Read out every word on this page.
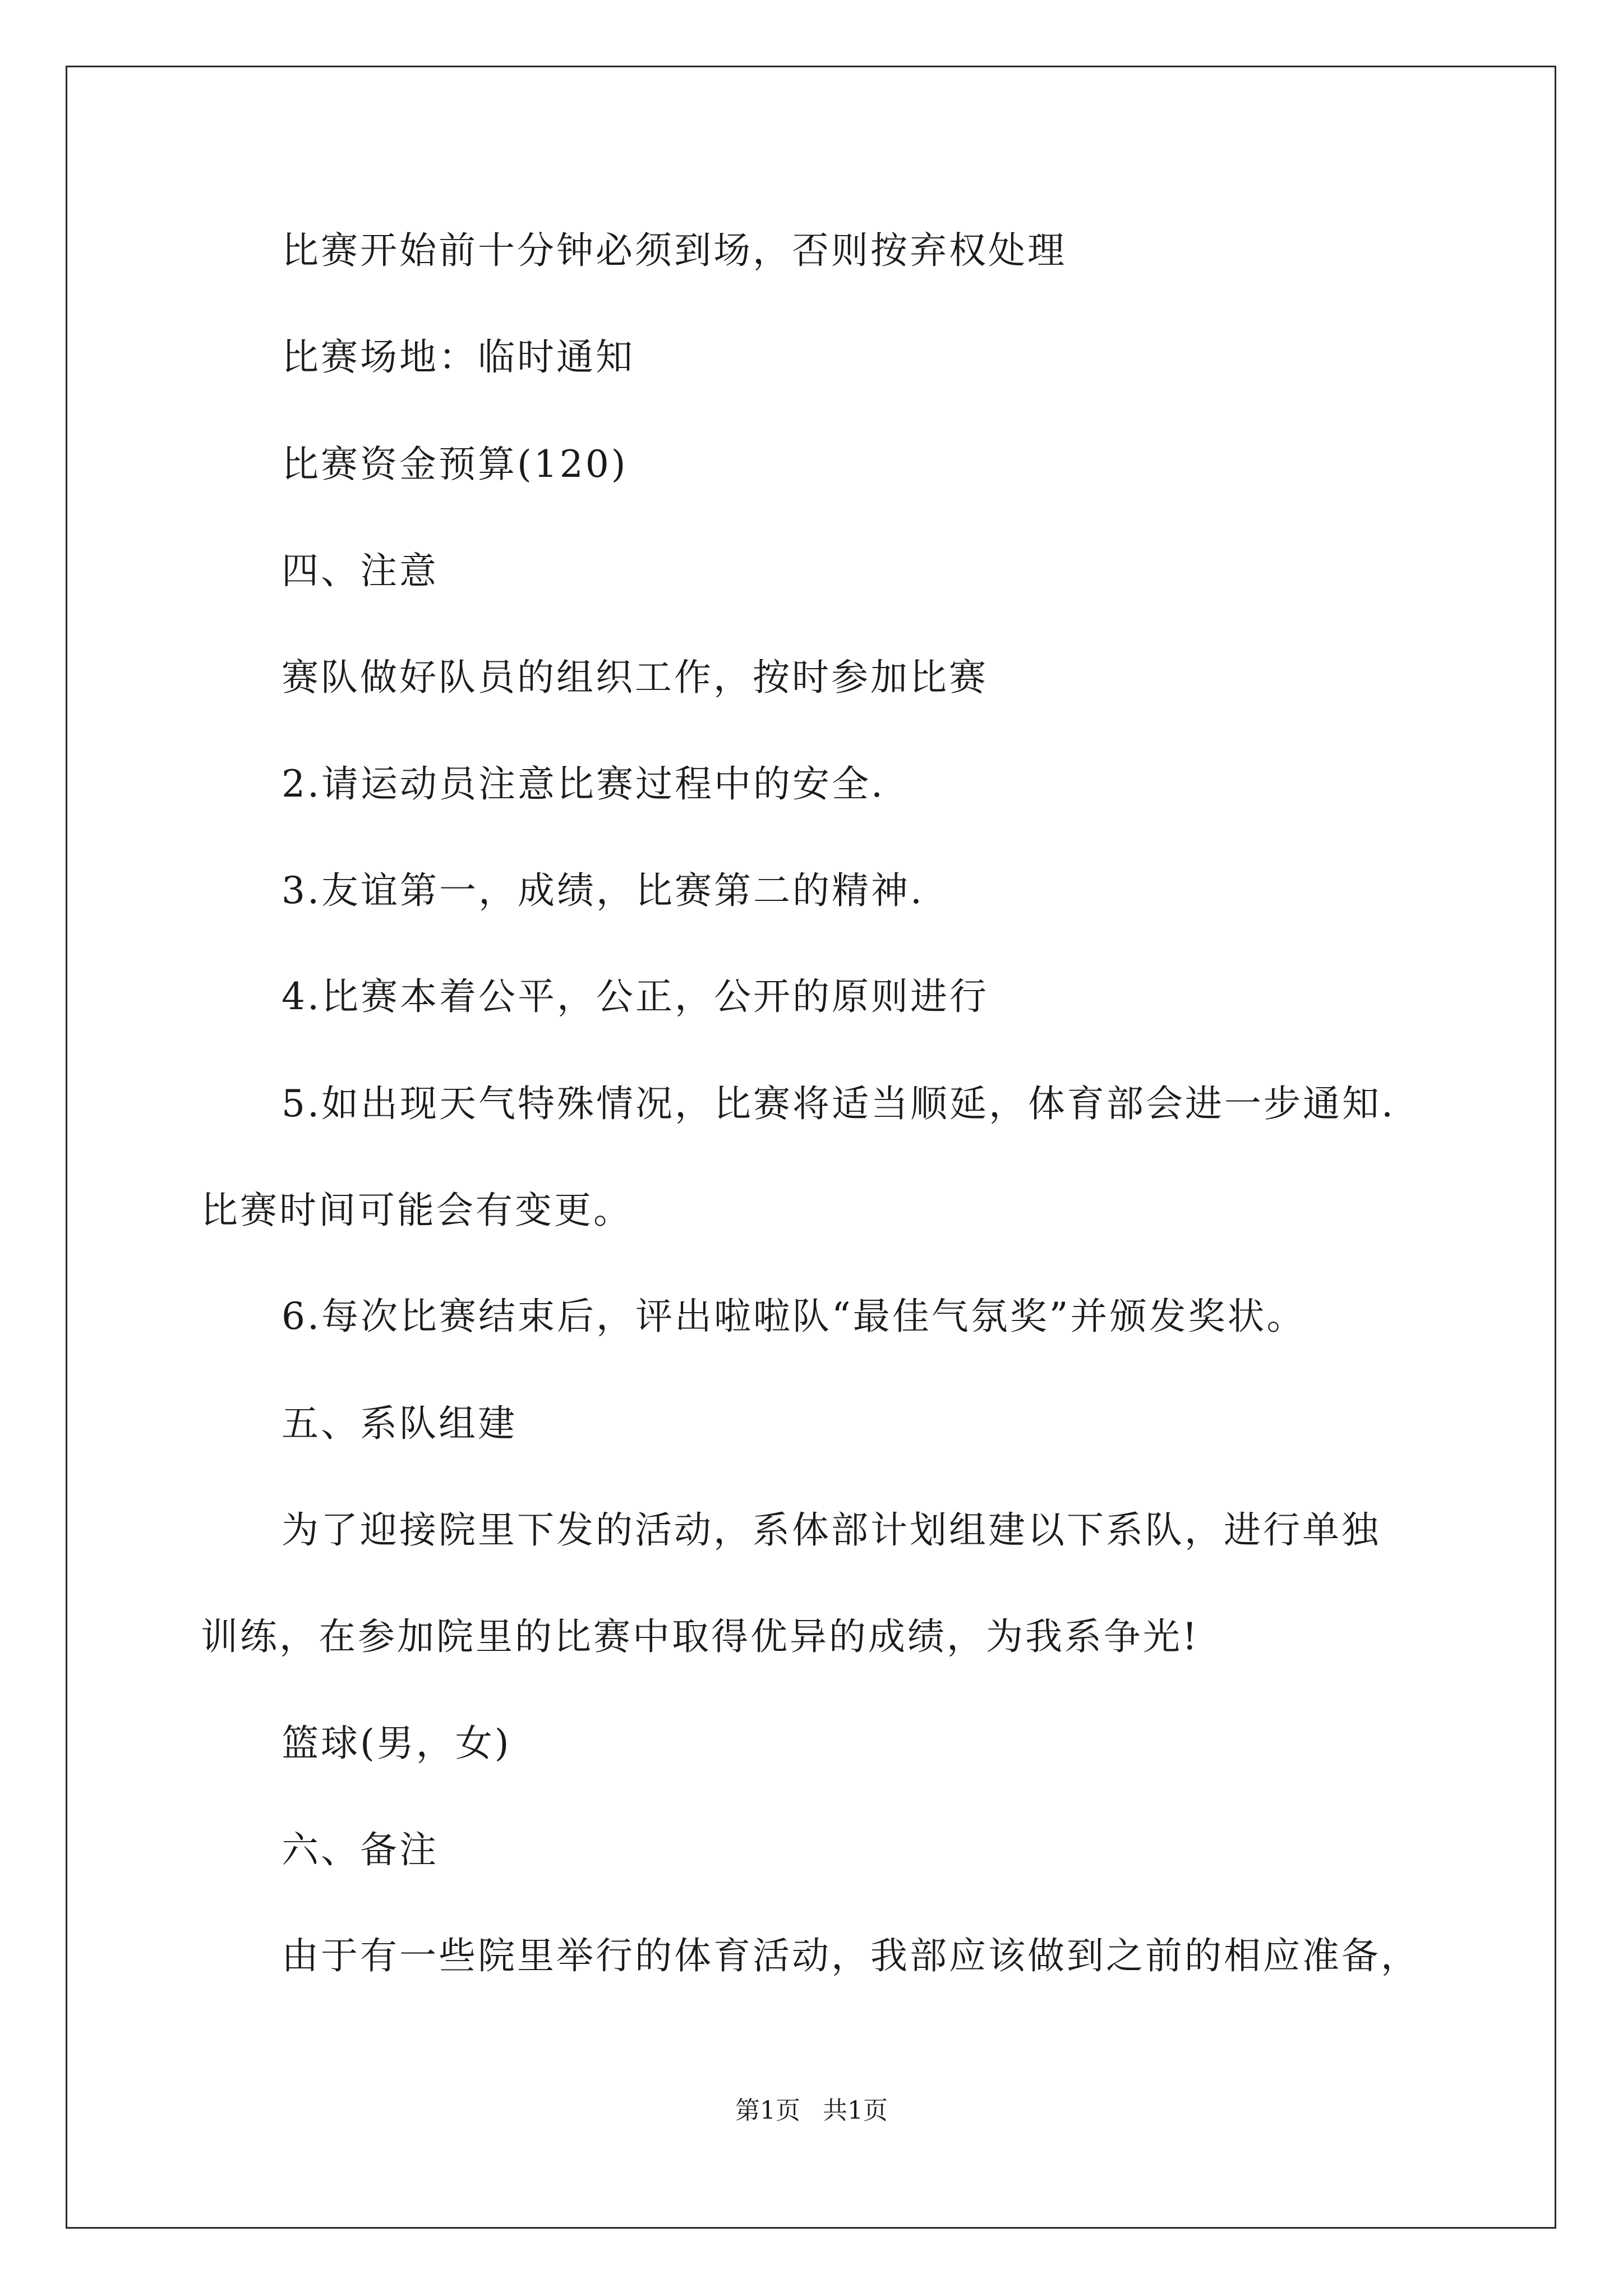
比赛开始前十分钟必须到场，否则按弃权处理
比赛场地：临时通知
比赛资金预算(120)
四、注意
赛队做好队员的组织工作，按时参加比赛
2.请运动员注意比赛过程中的安全.
3.友谊第一，成绩，比赛第二的精神.
4.比赛本着公平，公正，公开的原则进行
5.如出现天气特殊情况，比赛将适当顺延，体育部会进一步通知.
比赛时间可能会有变更。
6.每次比赛结束后，评出啦啦队“最佳气氛奖”并颁发奖状。
五、系队组建
为了迎接院里下发的活动，系体部计划组建以下系队，进行单独
训练，在参加院里的比赛中取得优异的成绩，为我系争光!
篮球(男，女)
六、备注
由于有一些院里举行的体育活动，我部应该做到之前的相应准备，
第1页 共1页
